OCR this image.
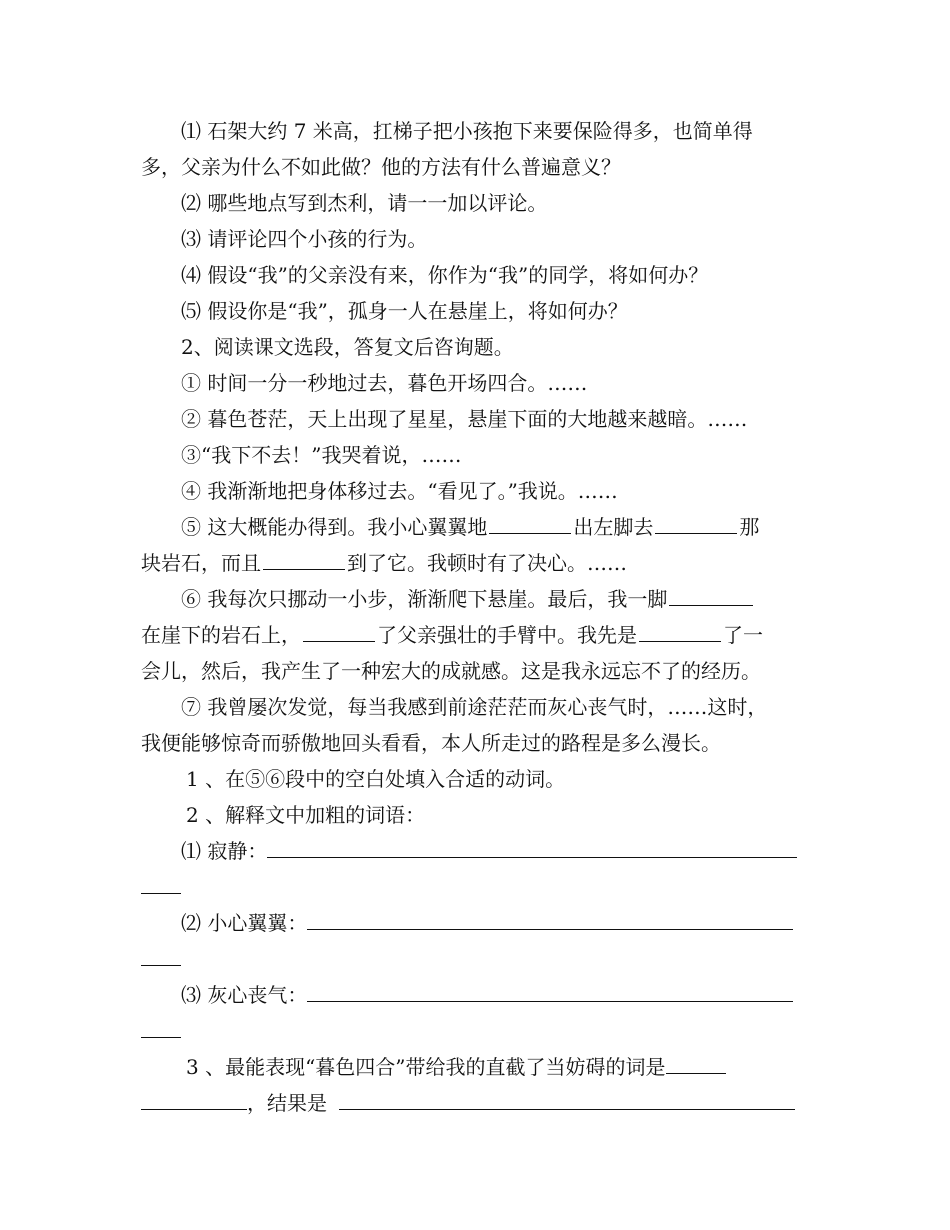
⑴ 石架大约 7 米高，扛梯子把小孩抱下来要保险得多，也简单得
多，父亲为什么不如此做？他的方法有什么普遍意义？
⑵ 哪些地点写到杰利，请一一加以评论。
⑶ 请评论四个小孩的行为。
⑷ 假设“我”的父亲没有来，你作为“我”的同学，将如何办？
⑸ 假设你是“我”，孤身一人在悬崖上，将如何办？
2、阅读课文选段，答复文后咨询题。
① 时间一分一秒地过去，暮色开场四合。……
② 暮色苍茫，天上出现了星星，悬崖下面的大地越来越暗。……
③“我下不去！”我哭着说，……
④ 我渐渐地把身体移过去。“看见了。”我说。……
⑤ 这大概能办得到。我小心翼翼地	出左脚去	那
块岩石，而且	到了它。我顿时有了决心。……
⑥ 我每次只挪动一小步，渐渐爬下悬崖。最后，我一脚
在崖下的岩石上，	了父亲强壮的手臂中。我先是	了一
会儿，然后，我产生了一种宏大的成就感。这是我永远忘不了的经历。
⑦ 我曾屡次发觉，每当我感到前途茫茫而灰心丧气时，……这时，
我便能够惊奇而骄傲地回头看看，本人所走过的路程是多么漫长。
1 、在⑤⑥段中的空白处填入合适的动词。
2 、解释文中加粗的词语：
⑴ 寂静：
⑵ 小心翼翼：
⑶ 灰心丧气：
3 、最能表现“暮色四合”带给我的直截了当妨碍的词是
，结果是
